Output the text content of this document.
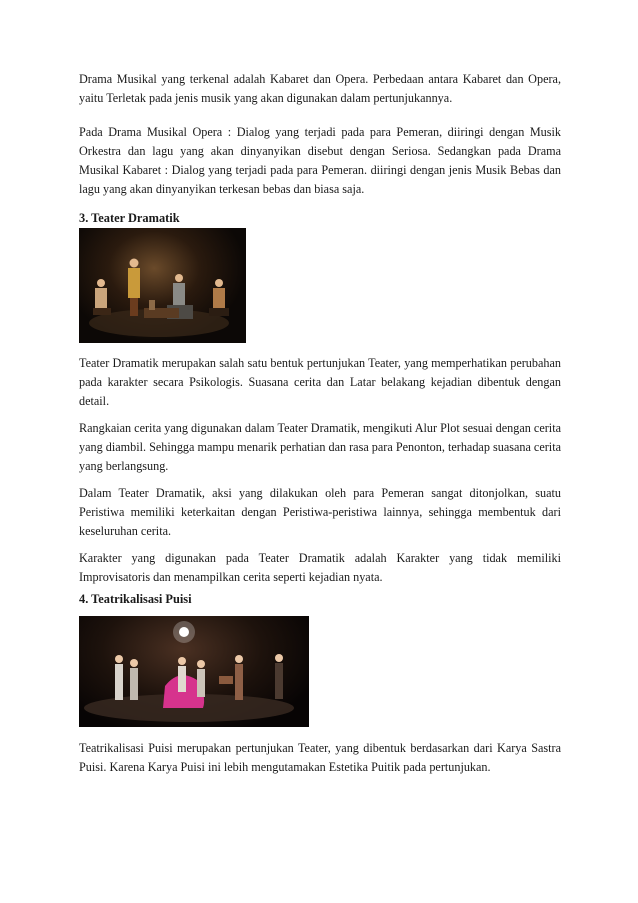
Drama Musikal yang terkenal adalah Kabaret dan Opera. Perbedaan antara Kabaret dan Opera, yaitu Terletak pada jenis musik yang akan digunakan dalam pertunjukannya.

Pada Drama Musikal Opera : Dialog yang terjadi pada para Pemeran, diiringi dengan Musik Orkestra dan lagu yang akan dinyanyikan disebut dengan Seriosa. Sedangkan pada Drama Musikal Kabaret : Dialog yang terjadi pada para Pemeran. diiringi dengan jenis Musik Bebas dan lagu yang akan dinyanyikan terkesan bebas dan biasa saja.

3. Teater Dramatik

Teater Dramatik merupakan salah satu bentuk pertunjukan Teater, yang memperhatikan perubahan pada karakter secara Psikologis. Suasana cerita dan Latar belakang kejadian dibentuk dengan detail.

Rangkaian cerita yang digunakan dalam Teater Dramatik, mengikuti Alur Plot sesuai dengan cerita yang diambil. Sehingga mampu menarik perhatian dan rasa para Penonton, terhadap suasana cerita yang berlangsung.

Dalam Teater Dramatik, aksi yang dilakukan oleh para Pemeran sangat ditonjolkan, suatu Peristiwa memiliki keterkaitan dengan Peristiwa-peristiwa lainnya, sehingga membentuk dari keseluruhan cerita.

Karakter yang digunakan pada Teater Dramatik adalah Karakter yang tidak memiliki Improvisatoris dan menampilkan cerita seperti kejadian nyata.

4. Teatrikalisasi Puisi

Teatrikalisasi Puisi merupakan pertunjukan Teater, yang dibentuk berdasarkan dari Karya Sastra Puisi. Karena Karya Puisi ini lebih mengutamakan Estetika Puitik pada pertunjukan.
